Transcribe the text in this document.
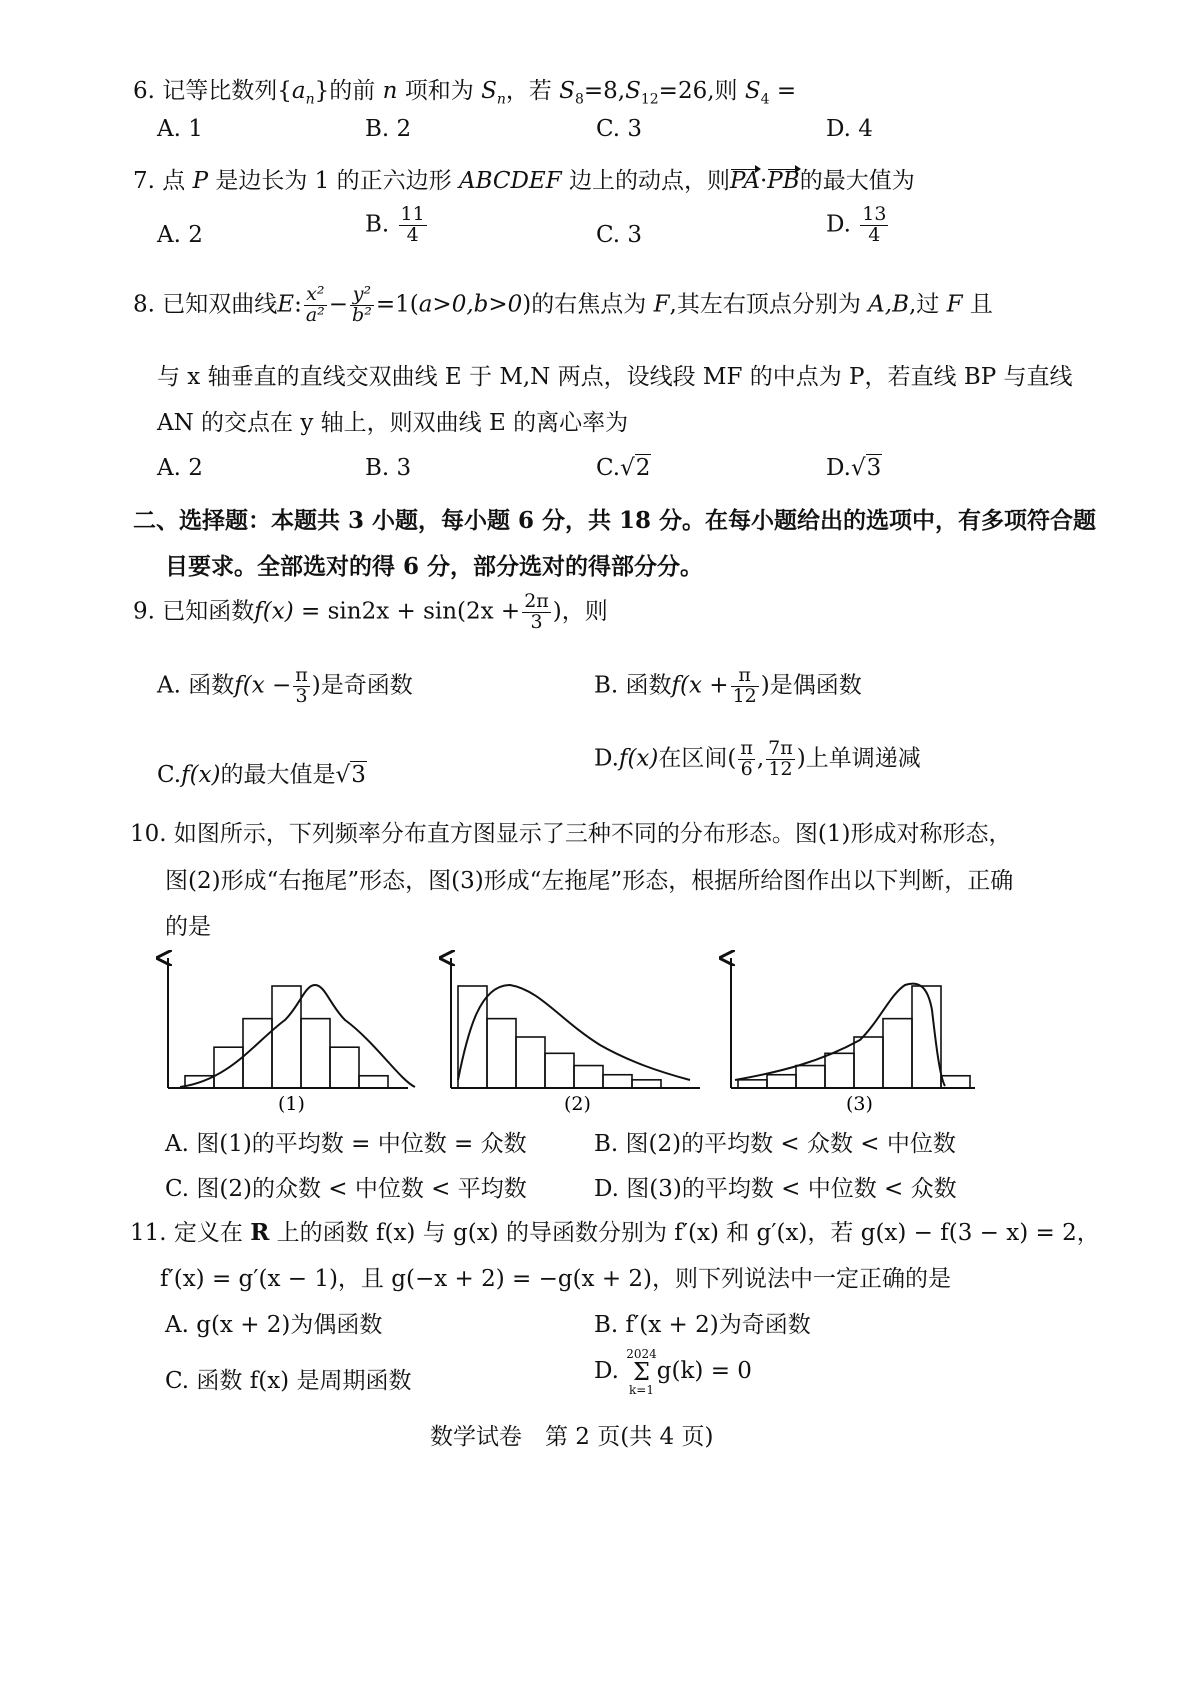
6. 记等比数列$\{a_n\}$的前 n 项和为 $S_n$，若 $S_8=8,S_{12}=26$,则 $S_4$ =
A. 1	B. 2	C. 3	D. 4
7. 点 P 是边长为 1 的正六边形 ABCDEF 边上的动点，则PA·PB的最大值为
A. 2	B. $\frac{11}{4}$	C. 3	D. $\frac{13}{4}$
8. 已知双曲线E: $\frac{\text{x²}}{\text{a²}} - \frac{\text{y²}}{\text{b²}} =1(a>0,b>0)$的右焦点为 F,其左右顶点分别为 A,B,过 F 且
与 x 轴垂直的直线交双曲线 E 于 M,N 两点，设线段 MF 的中点为 P，若直线 BP 与直线
AN 的交点在 y 轴上，则双曲线 E 的离心率为
A. 2	B. 3	C.√2	D.√3
二、选择题：本题共 3 小题，每小题 6 分，共 18 分。在每小题给出的选项中，有多项符合题
目要求。全部选对的得 6 分，部分选对的得部分分。
9. 已知函数$f(x) = \sin 2x + \sin(2x + \frac{2\pi}{3}$ )，则
A. 函数$f(x - \frac{\pi}{3}$ )是奇函数	B. 函数$f(x + \frac{\pi}{12}$ )是偶函数
C.f(x)的最大值是√3
D.f(x)在区间( $\frac{\pi}{6}$ , $\frac{7\pi}{12}$ )上单调递减
10. 如图所示，下列频率分布直方图显示了三种不同的分布形态。图(1)形成对称形态，
图(2)形成“右拖尾”形态，图(3)形成“左拖尾”形态，根据所给图作出以下判断，正确
的是
(1)	(2)	(3)
A. 图(1)的平均数 = 中位数 = 众数	B. 图(2)的平均数 < 众数 < 中位数
C. 图(2)的众数 < 中位数 < 平均数	D. 图(3)的平均数 < 中位数 < 众数
11. 定义在 R 上的函数 f(x) 与 g(x) 的导函数分别为 f′(x) 和 g′(x)，若 g(x) − f(3 − x) = 2，
f′(x) = g′(x − 1)，且 g(−x + 2) = −g(x + 2)，则下列说法中一定正确的是
A. g(x + 2)为偶函数	B. f′(x + 2)为奇函数
C. 函数 f(x) 是周期函数	D. 2024
Σ
k=1g(k) = 0
数学试卷　第 2 页(共 4 页)
